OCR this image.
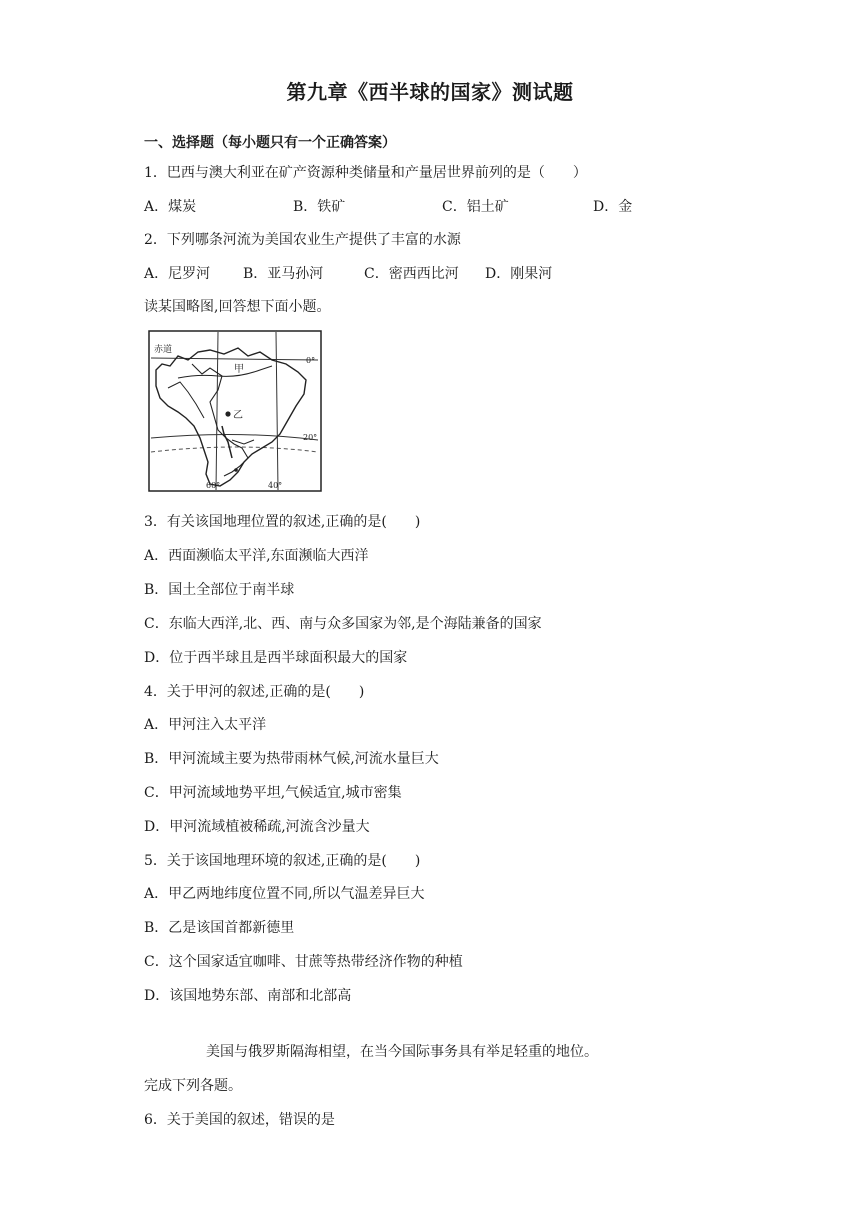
第九章《西半球的国家》测试题
一、选择题（每小题只有一个正确答案）
1．巴西与澳大利亚在矿产资源种类储量和产量居世界前列的是（　　）
A．煤炭	B．铁矿	C．铝土矿	D．金
2．下列哪条河流为美国农业生产提供了丰富的水源
A．尼罗河 B．亚马孙河	C．密西西比河 D．刚果河
读某国略图,回答想下面小题。
赤道
0°
20°
60°	40°
甲
乙
3．有关该国地理位置的叙述,正确的是(　　)
A．西面濒临太平洋,东面濒临大西洋
B．国土全部位于南半球
C．东临大西洋,北、西、南与众多国家为邻,是个海陆兼备的国家
D．位于西半球且是西半球面积最大的国家
4．关于甲河的叙述,正确的是(　　)
A．甲河注入太平洋
B．甲河流域主要为热带雨林气候,河流水量巨大
C．甲河流域地势平坦,气候适宜,城市密集
D．甲河流域植被稀疏,河流含沙量大
5．关于该国地理环境的叙述,正确的是(　　)
A．甲乙两地纬度位置不同,所以气温差异巨大
B．乙是该国首都新德里
C．这个国家适宜咖啡、甘蔗等热带经济作物的种植
D．该国地势东部、南部和北部高
美国与俄罗斯隔海相望，在当今国际事务具有举足轻重的地位。
完成下列各题。
6．关于美国的叙述，错误的是
